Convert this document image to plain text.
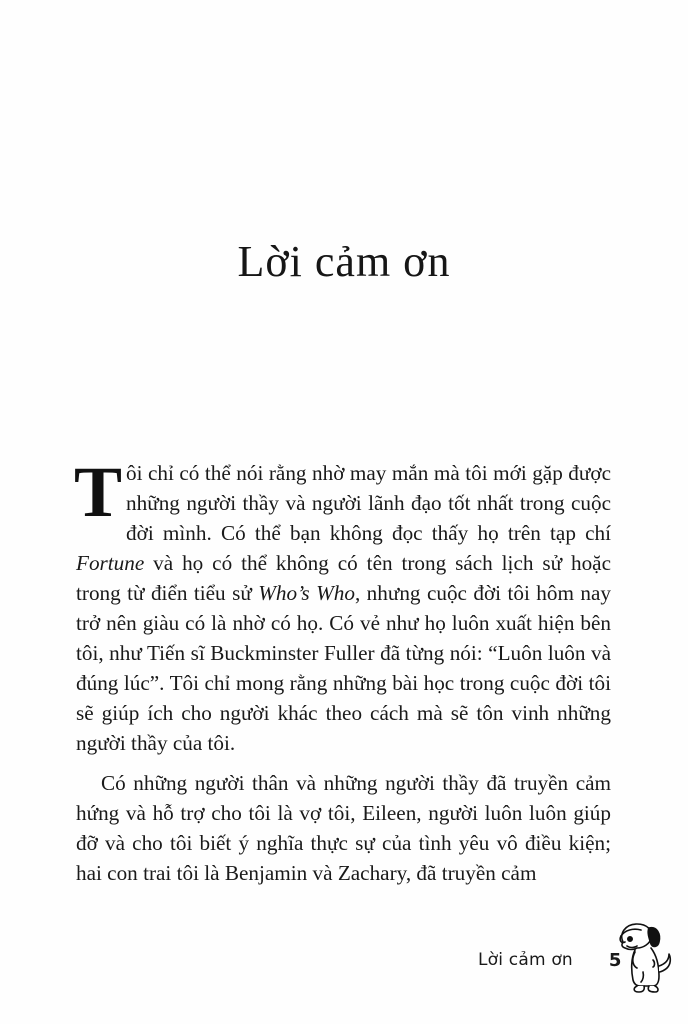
Lời cảm ơn

Tôi chỉ có thể nói rằng nhờ may mắn mà tôi mới gặp được những người thầy và người lãnh đạo tốt nhất trong cuộc đời mình. Có thể bạn không đọc thấy họ trên tạp chí Fortune và họ có thể không có tên trong sách lịch sử hoặc trong từ điển tiểu sử Who’s Who, nhưng cuộc đời tôi hôm nay trở nên giàu có là nhờ có họ. Có vẻ như họ luôn xuất hiện bên tôi, như Tiến sĩ Buckminster Fuller đã từng nói: “Luôn luôn và đúng lúc”. Tôi chỉ mong rằng những bài học trong cuộc đời tôi sẽ giúp ích cho người khác theo cách mà sẽ tôn vinh những người thầy của tôi.

Có những người thân và những người thầy đã truyền cảm hứng và hỗ trợ cho tôi là vợ tôi, Eileen, người luôn luôn giúp đỡ và cho tôi biết ý nghĩa thực sự của tình yêu vô điều kiện; hai con trai tôi là Benjamin và Zachary, đã truyền cảm

Lời cảm ơn 5
